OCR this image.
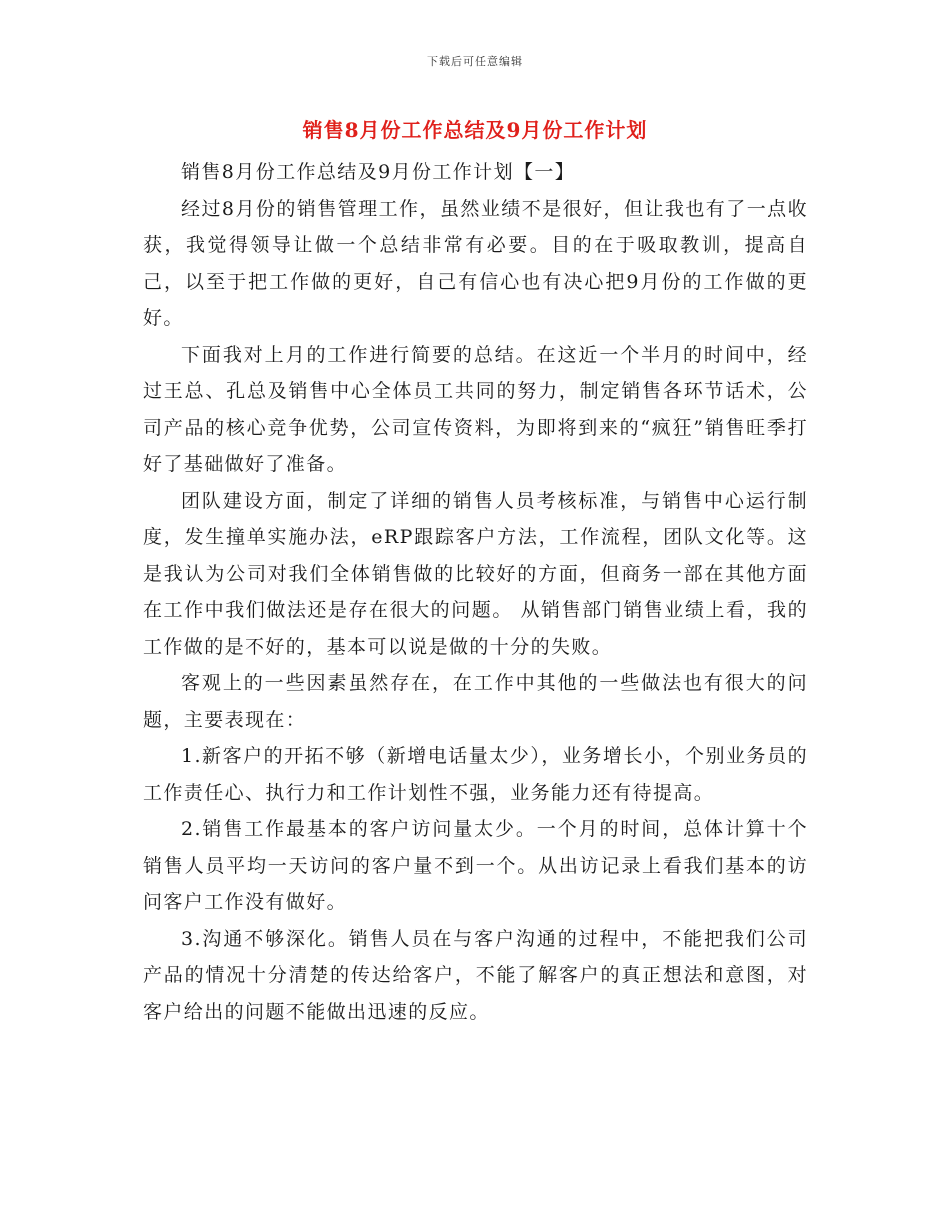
下载后可任意编辑
销售8月份工作总结及9月份工作计划

销售8月份工作总结及9月份工作计划【一】

经过8月份的销售管理工作，虽然业绩不是很好，但让我也有了一点收获，我觉得领导让做一个总结非常有必要。目的在于吸取教训，提高自己，以至于把工作做的更好，自己有信心也有决心把9月份的工作做的更好。

下面我对上月的工作进行简要的总结。在这近一个半月的时间中，经过王总、孔总及销售中心全体员工共同的努力，制定销售各环节话术，公司产品的核心竞争优势，公司宣传资料，为即将到来的“疯狂”销售旺季打好了基础做好了准备。

团队建设方面，制定了详细的销售人员考核标准，与销售中心运行制度，发生撞单实施办法，eRP跟踪客户方法，工作流程，团队文化等。这是我认为公司对我们全体销售做的比较好的方面，但商务一部在其他方面在工作中我们做法还是存在很大的问题。 从销售部门销售业绩上看，我的工作做的是不好的，基本可以说是做的十分的失败。

客观上的一些因素虽然存在，在工作中其他的一些做法也有很大的问题，主要表现在：

1.新客户的开拓不够（新增电话量太少），业务增长小，个别业务员的工作责任心、执行力和工作计划性不强，业务能力还有待提高。

2.销售工作最基本的客户访问量太少。一个月的时间，总体计算十个销售人员平均一天访问的客户量不到一个。从出访记录上看我们基本的访问客户工作没有做好。

3.沟通不够深化。销售人员在与客户沟通的过程中，不能把我们公司产品的情况十分清楚的传达给客户，不能了解客户的真正想法和意图，对客户给出的问题不能做出迅速的反应。
